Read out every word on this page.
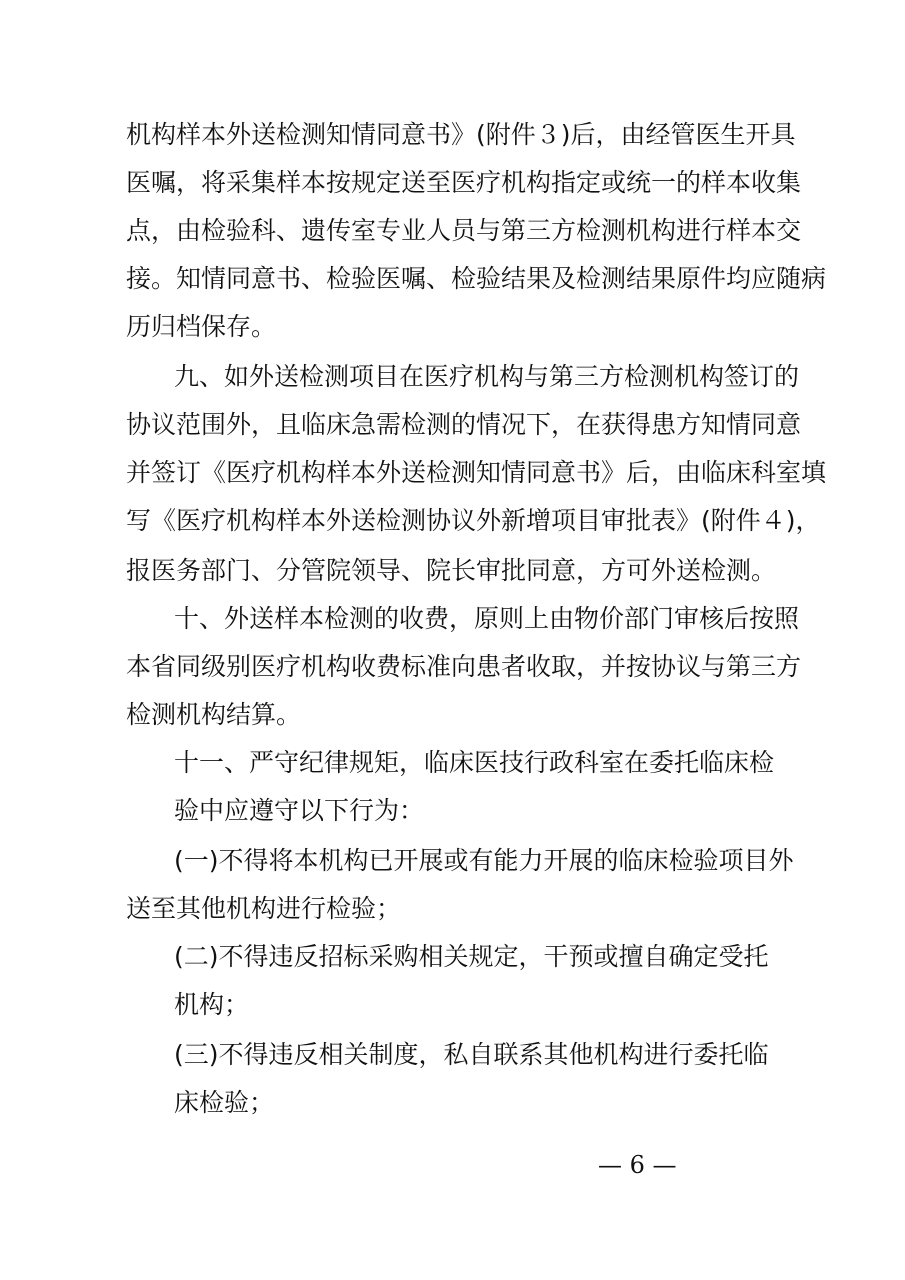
机构样本外送检测知情同意书》(附件３)后，由经管医生开具
医嘱，将采集样本按规定送至医疗机构指定或统一的样本收集
点，由检验科、遗传室专业人员与第三方检测机构进行样本交
接。知情同意书、检验医嘱、检验结果及检测结果原件均应随病
历归档保存。
九、如外送检测项目在医疗机构与第三方检测机构签订的
协议范围外，且临床急需检测的情况下，在获得患方知情同意
并签订《医疗机构样本外送检测知情同意书》后，由临床科室填
写《医疗机构样本外送检测协议外新增项目审批表》(附件４)，
报医务部门、分管院领导、院长审批同意，方可外送检测。
十、外送样本检测的收费，原则上由物价部门审核后按照
本省同级别医疗机构收费标准向患者收取，并按协议与第三方
检测机构结算。
十一、严守纪律规矩，临床医技行政科室在委托临床检
验中应遵守以下行为：
(一)不得将本机构已开展或有能力开展的临床检验项目外
送至其他机构进行检验；
(二)不得违反招标采购相关规定，干预或擅自确定受托
机构；
(三)不得违反相关制度，私自联系其他机构进行委托临
床检验；
— 6 —
